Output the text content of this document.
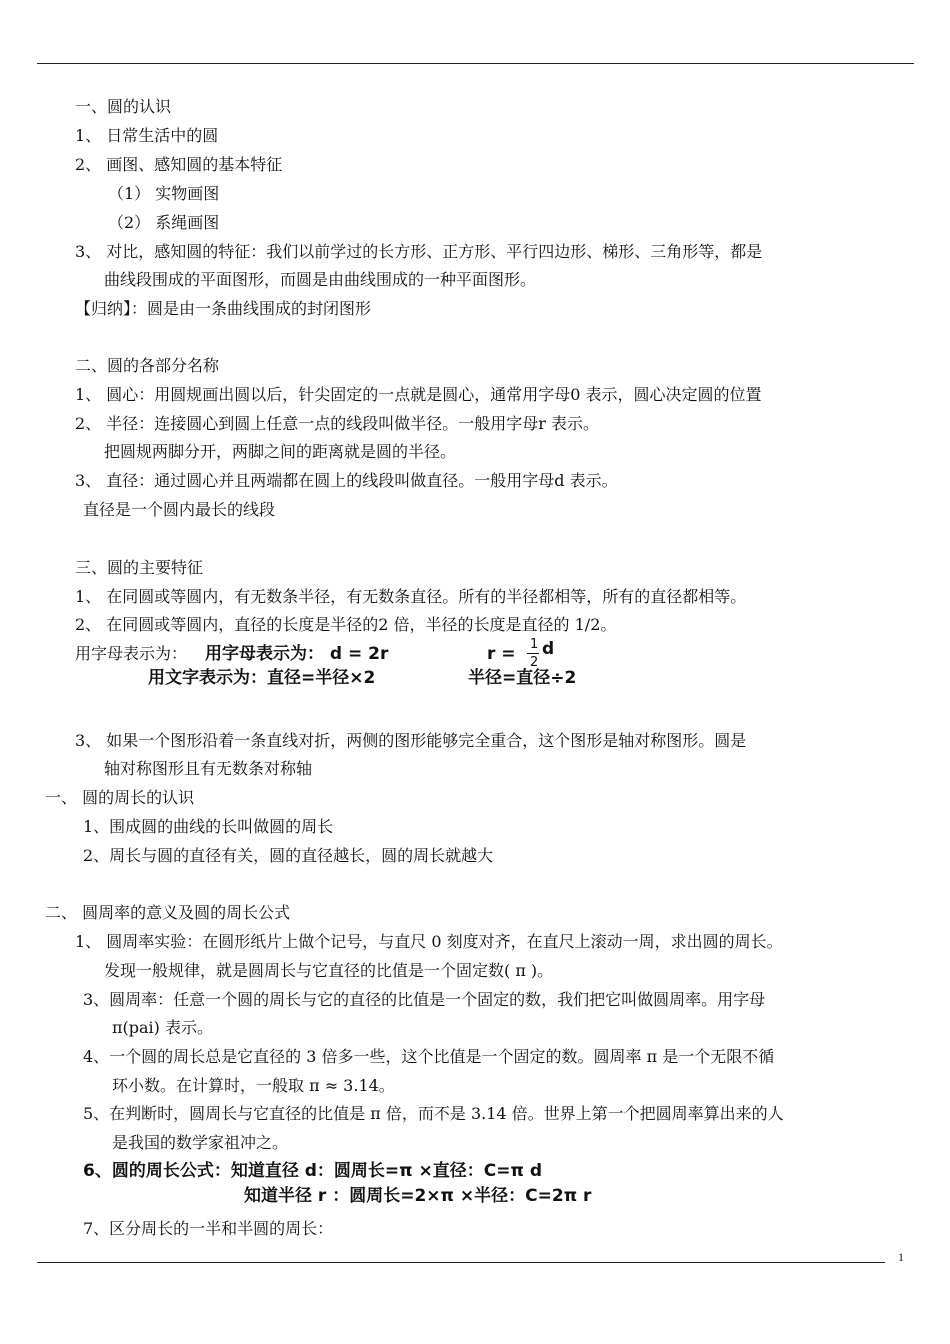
一、圆的认识
1、 日常生活中的圆
2、 画图、感知圆的基本特征
（1） 实物画图
（2） 系绳画图
3、 对比，感知圆的特征：我们以前学过的长方形、正方形、平行四边形、梯形、三角形等，都是
曲线段围成的平面图形，而圆是由曲线围成的一种平面图形。
【归纳】：圆是由一条曲线围成的封闭图形
二、圆的各部分名称
1、 圆心：用圆规画出圆以后，针尖固定的一点就是圆心，通常用字母0 表示，圆心决定圆的位置
2、 半径：连接圆心到圆上任意一点的线段叫做半径。一般用字母r 表示。
把圆规两脚分开，两脚之间的距离就是圆的半径。
3、 直径：通过圆心并且两端都在圆上的线段叫做直径。一般用字母d 表示。
直径是一个圆内最长的线段
三、圆的主要特征
1、 在同圆或等圆内，有无数条半径，有无数条直径。所有的半径都相等，所有的直径都相等。
2、 在同圆或等圆内，直径的长度是半径的2 倍，半径的长度是直径的 1/2。
用字母表示为： 用字母表示为： d = 2r	r = 1
2
d
用文字表示为：直径=半径×2	半径=直径÷2
3、 如果一个图形沿着一条直线对折，两侧的图形能够完全重合，这个图形是轴对称图形。圆是
轴对称图形且有无数条对称轴
一、 圆的周长的认识
1、围成圆的曲线的长叫做圆的周长
2、周长与圆的直径有关，圆的直径越长，圆的周长就越大
二、 圆周率的意义及圆的周长公式
1、 圆周率实验：在圆形纸片上做个记号，与直尺 0 刻度对齐，在直尺上滚动一周，求出圆的周长。
发现一般规律，就是圆周长与它直径的比值是一个固定数( π )。
3、圆周率：任意一个圆的周长与它的直径的比值是一个固定的数，我们把它叫做圆周率。用字母
π(pai) 表示。
4、一个圆的周长总是它直径的 3 倍多一些，这个比值是一个固定的数。圆周率 π 是一个无限不循
环小数。在计算时，一般取 π ≈ 3.14。
5、在判断时，圆周长与它直径的比值是 π 倍，而不是 3.14 倍。世界上第一个把圆周率算出来的人
是我国的数学家祖冲之。
6、圆的周长公式：知道直径 d：圆周长=π ×直径：C=π d
知道半径 r ：圆周长=2×π ×半径：C=2π r
7、区分周长的一半和半圆的周长：
1
